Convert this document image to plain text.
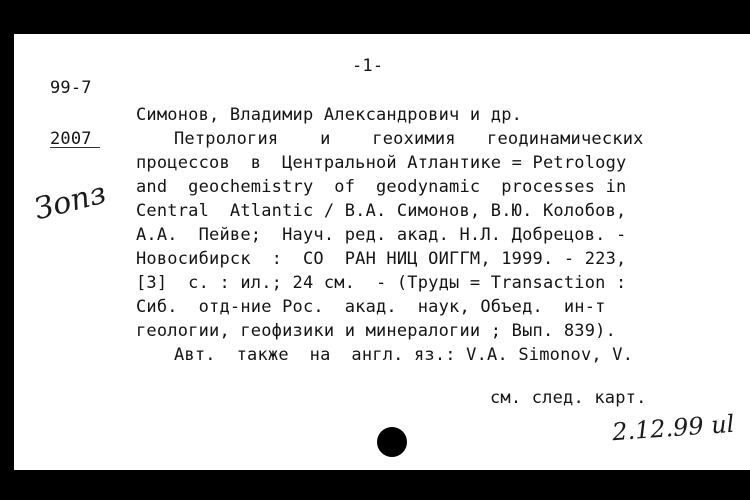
-1-
99-7
2007
Зопз
Симонов, Владимир Александрович и др.
Петрология    и    геохимия   геодинамических
процессов  в  Центральной Атлантике = Petrology
and  geochemistry  of  geodynamic  processes in
Central  Atlantic / В.А. Симонов, В.Ю. Колобов,
А.А.  Пейве;  Науч. ред. акад. Н.Л. Добрецов. -
Новосибирск  :  СО  РАН НИЦ ОИГГМ, 1999. - 223,
[3]  с. : ил.; 24 см.  - (Труды = Transaction :
Сиб.  отд-ние Рос.  акад.  наук, Объед.  ин-т
геологии, геофизики и минералогии ; Вып. 839).
Авт.  также  на  англ. яз.: V.A. Simonov, V.
см. след. карт.
2.12.99 ul
